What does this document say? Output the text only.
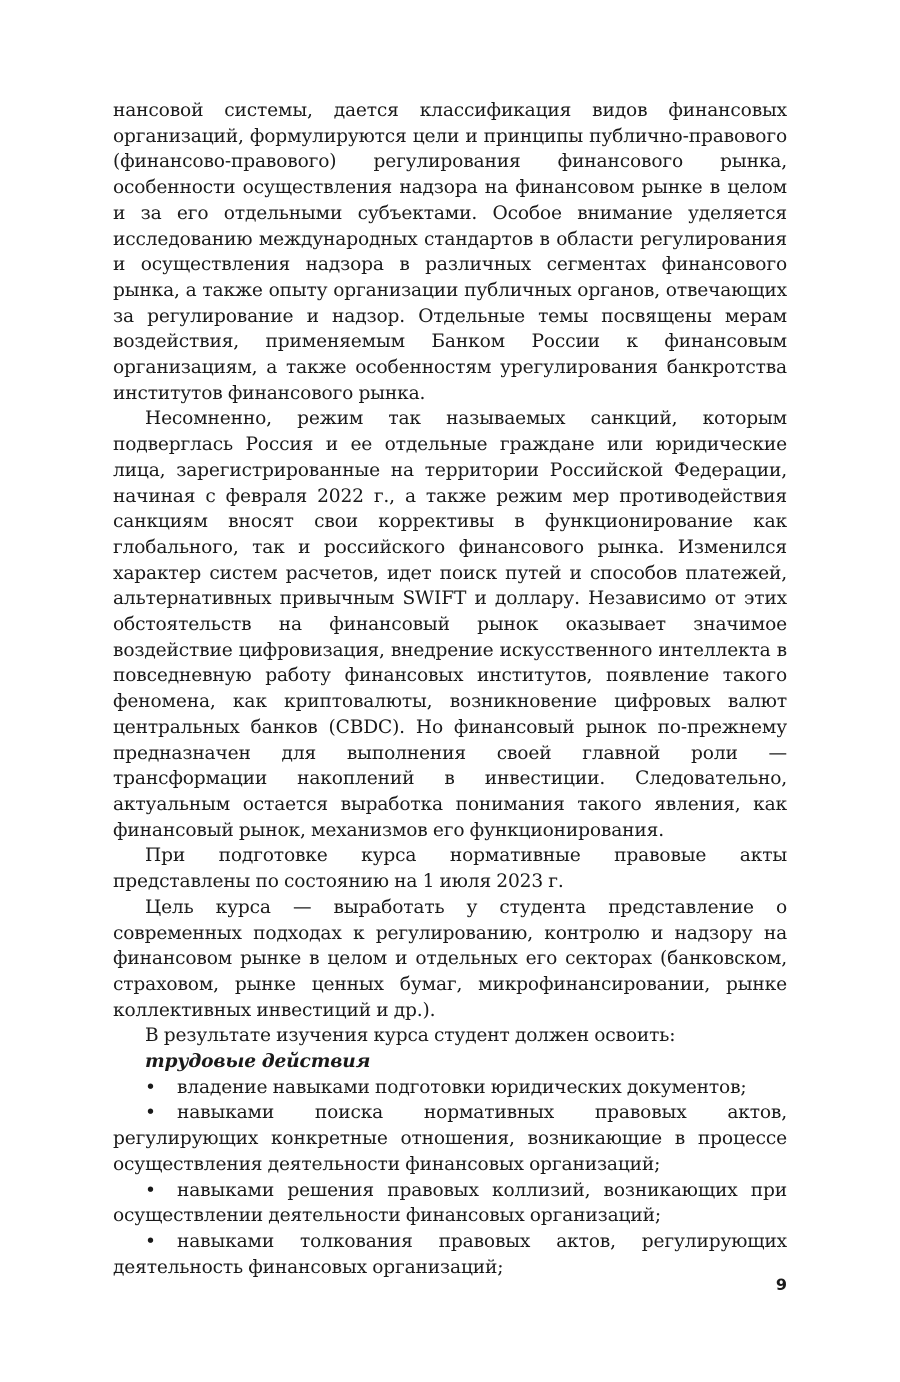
нансовой системы, дается классификация видов финансовых организаций, формулируются цели и принципы публично-правового (финансово-правового) регулирования финансового рынка, особенности осуществления надзора на финансовом рынке в целом и за его отдельными субъектами. Особое внимание уделяется исследованию международных стандартов в области регулирования и осуществления надзора в различных сегментах финансового рынка, а также опыту организации публичных органов, отвечающих за регулирование и надзор. Отдельные темы посвящены мерам воздействия, применяемым Банком России к финансовым организациям, а также особенностям урегулирования банкротства институтов финансового рынка.

Несомненно, режим так называемых санкций, которым подверглась Россия и ее отдельные граждане или юридические лица, зарегистрированные на территории Российской Федерации, начиная с февраля 2022 г., а также режим мер противодействия санкциям вносят свои коррективы в функционирование как глобального, так и российского финансового рынка. Изменился характер систем расчетов, идет поиск путей и способов платежей, альтернативных привычным SWIFT и доллару. Независимо от этих обстоятельств на финансовый рынок оказывает значимое воздействие цифровизация, внедрение искусственного интеллекта в повседневную работу финансовых институтов, появление такого феномена, как криптовалюты, возникновение цифровых валют центральных банков (CBDC). Но финансовый рынок по-прежнему предназначен для выполнения своей главной роли — трансформации накоплений в инвестиции. Следовательно, актуальным остается выработка понимания такого явления, как финансовый рынок, механизмов его функционирования.

При подготовке курса нормативные правовые акты представлены по состоянию на 1 июля 2023 г.

Цель курса — выработать у студента представление о современных подходах к регулированию, контролю и надзору на финансовом рынке в целом и отдельных его секторах (банковском, страховом, рынке ценных бумаг, микрофинансировании, рынке коллективных инвестиций и др.).

В результате изучения курса студент должен освоить:

трудовые действия

• владение навыками подготовки юридических документов;

• навыками поиска нормативных правовых актов, регулирующих конкретные отношения, возникающие в процессе осуществления деятельности финансовых организаций;

• навыками решения правовых коллизий, возникающих при осуществлении деятельности финансовых организаций;

• навыками толкования правовых актов, регулирующих деятельность финансовых организаций;

9
